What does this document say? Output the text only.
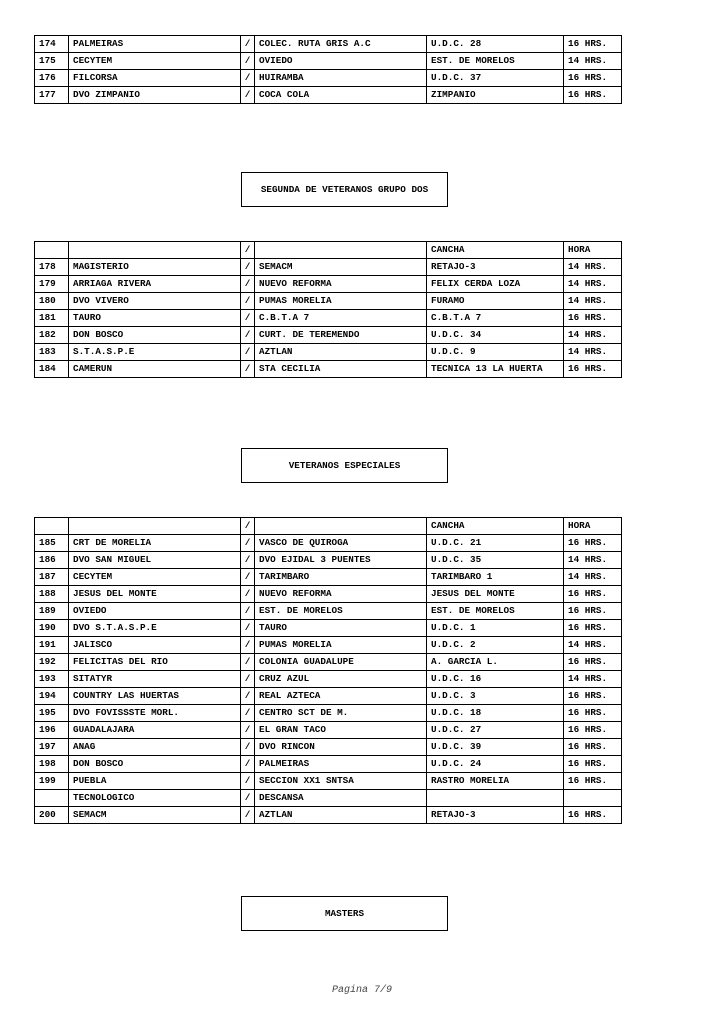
174	PALMEIRAS	/	COLEC. RUTA GRIS A.C	U.D.C. 28	16 HRS.
175	CECYTEM	/	OVIEDO	EST. DE MORELOS	14 HRS.
176	FILCORSA	/	HUIRAMBA	U.D.C. 37	16 HRS.
177	DVO ZIMPANIO	/	COCA COLA	ZIMPANIO	16 HRS.
SEGUNDA DE VETERANOS GRUPO DOS
		/		CANCHA	HORA
178	MAGISTERIO	/	SEMACM	RETAJO-3	14 HRS.
179	ARRIAGA RIVERA	/	NUEVO REFORMA	FELIX CERDA LOZA	14 HRS.
180	DVO VIVERO	/	PUMAS MORELIA	FURAMO	14 HRS.
181	TAURO	/	C.B.T.A 7	C.B.T.A 7	16 HRS.
182	DON BOSCO	/	CURT. DE TEREMENDO	U.D.C. 34	14 HRS.
183	S.T.A.S.P.E	/	AZTLAN	U.D.C. 9	14 HRS.
184	CAMERUN	/	STA CECILIA	TECNICA 13 LA HUERTA	16 HRS.
VETERANOS ESPECIALES
		/		CANCHA	HORA
185	CRT DE MORELIA	/	VASCO DE QUIROGA	U.D.C. 21	16 HRS.
186	DVO SAN MIGUEL	/	DVO EJIDAL 3 PUENTES	U.D.C. 35	14 HRS.
187	CECYTEM	/	TARIMBARO	TARIMBARO 1	14 HRS.
188	JESUS DEL MONTE	/	NUEVO REFORMA	JESUS DEL MONTE	16 HRS.
189	OVIEDO	/	EST. DE MORELOS	EST. DE MORELOS	16 HRS.
190	DVO S.T.A.S.P.E	/	TAURO	U.D.C. 1	16 HRS.
191	JALISCO	/	PUMAS MORELIA	U.D.C. 2	14 HRS.
192	FELICITAS DEL RIO	/	COLONIA GUADALUPE	A. GARCIA L.	16 HRS.
193	SITATYR	/	CRUZ AZUL	U.D.C. 16	14 HRS.
194	COUNTRY LAS HUERTAS	/	REAL AZTECA	U.D.C. 3	16 HRS.
195	DVO FOVISSSTE MORL.	/	CENTRO SCT DE M.	U.D.C. 18	16 HRS.
196	GUADALAJARA	/	EL GRAN TACO	U.D.C. 27	16 HRS.
197	ANAG	/	DVO RINCON	U.D.C. 39	16 HRS.
198	DON BOSCO	/	PALMEIRAS	U.D.C. 24	16 HRS.
199	PUEBLA	/	SECCION XX1 SNTSA	RASTRO MORELIA	16 HRS.
	TECNOLOGICO	/	DESCANSA		
200	SEMACM	/	AZTLAN	RETAJO-3	16 HRS.
MASTERS
Pagina 7/9
